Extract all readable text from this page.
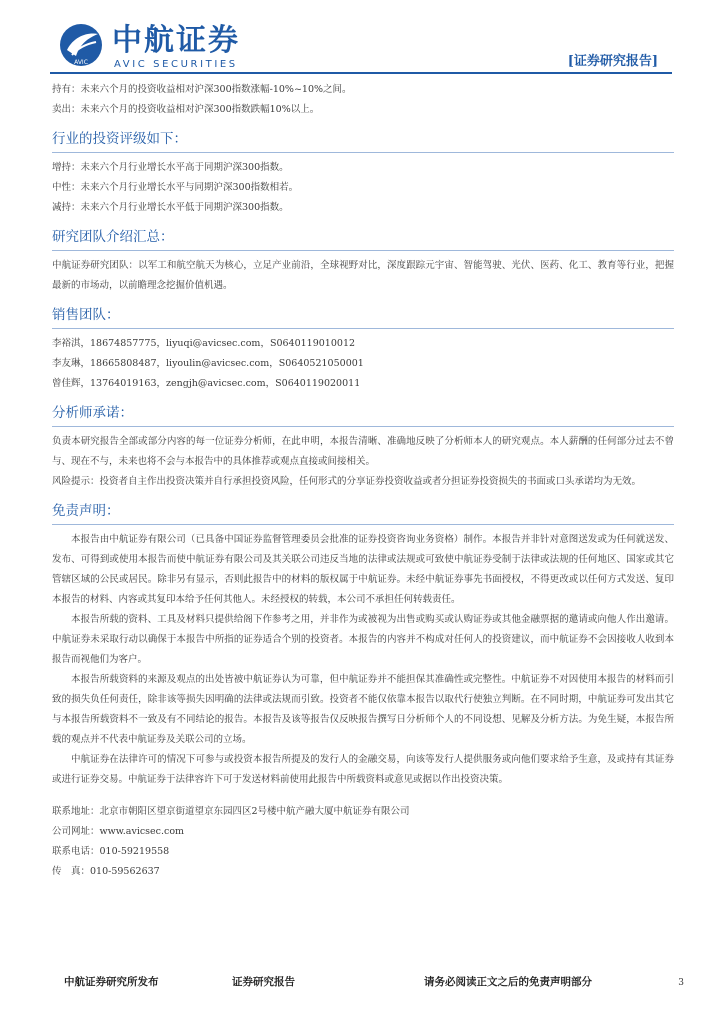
AVIC
中航证券
AVIC SECURITIES	[证券研究报告]
持有：未来六个月的投资收益相对沪深300指数涨幅-10%~10%之间。
卖出：未来六个月的投资收益相对沪深300指数跌幅10%以上。
行业的投资评级如下：
增持：未来六个月行业增长水平高于同期沪深300指数。
中性：未来六个月行业增长水平与同期沪深300指数相若。
减持：未来六个月行业增长水平低于同期沪深300指数。
研究团队介绍汇总：
中航证券研究团队：以军工和航空航天为核心，立足产业前沿，全球视野对比，深度跟踪元宇宙、智能驾驶、光伏、医药、化工、教育等行业，把握最新的市场动，以前瞻理念挖掘价值机遇。
销售团队：
李裕淇，18674857775，liyuqi@avicsec.com，S0640119010012
李友琳，18665808487，liyoulin@avicsec.com，S0640521050001
曾佳辉，13764019163，zengjh@avicsec.com，S0640119020011
分析师承诺：
负责本研究报告全部或部分内容的每一位证券分析师，在此申明，本报告清晰、准确地反映了分析师本人的研究观点。本人薪酬的任何部分过去不曾与、现在不与，未来也将不会与本报告中的具体推荐或观点直接或间接相关。
风险提示：投资者自主作出投资决策并自行承担投资风险，任何形式的分享证券投资收益或者分担证券投资损失的书面或口头承诺均为无效。
免责声明：
本报告由中航证券有限公司（已具备中国证券监督管理委员会批准的证券投资咨询业务资格）制作。本报告并非针对意图送发或为任何就送发、发布、可得到或使用本报告而使中航证券有限公司及其关联公司违反当地的法律或法规或可致使中航证券受制于法律或法规的任何地区、国家或其它管辖区域的公民或居民。除非另有显示，否则此报告中的材料的版权属于中航证券。未经中航证券事先书面授权，不得更改或以任何方式发送、复印本报告的材料、内容或其复印本给予任何其他人。未经授权的转载，本公司不承担任何转载责任。
本报告所载的资料、工具及材料只提供给阁下作参考之用，并非作为或被视为出售或购买或认购证券或其他金融票据的邀请或向他人作出邀请。中航证券未采取行动以确保于本报告中所指的证券适合个别的投资者。本报告的内容并不构成对任何人的投资建议，而中航证券不会因接收人收到本报告而视他们为客户。
本报告所载资料的来源及观点的出处皆被中航证券认为可靠，但中航证券并不能担保其准确性或完整性。中航证券不对因使用本报告的材料而引致的损失负任何责任，除非该等损失因明确的法律或法规而引致。投资者不能仅依靠本报告以取代行使独立判断。在不同时期，中航证券可发出其它与本报告所载资料不一致及有不同结论的报告。本报告及该等报告仅反映报告撰写日分析师个人的不同设想、见解及分析方法。为免生疑，本报告所载的观点并不代表中航证券及关联公司的立场。
中航证券在法律许可的情况下可参与或投资本报告所提及的发行人的金融交易，向该等发行人提供服务或向他们要求给予生意，及或持有其证券或进行证券交易。中航证券于法律容许下可于发送材料前使用此报告中所载资料或意见或据以作出投资决策。
联系地址：北京市朝阳区望京街道望京东园四区2号楼中航产融大厦中航证券有限公司
公司网址：www.avicsec.com
联系电话：010-59219558
传　真：010-59562637
中航证券研究所发布	证券研究报告	请务必阅读正文之后的免责声明部分	3
